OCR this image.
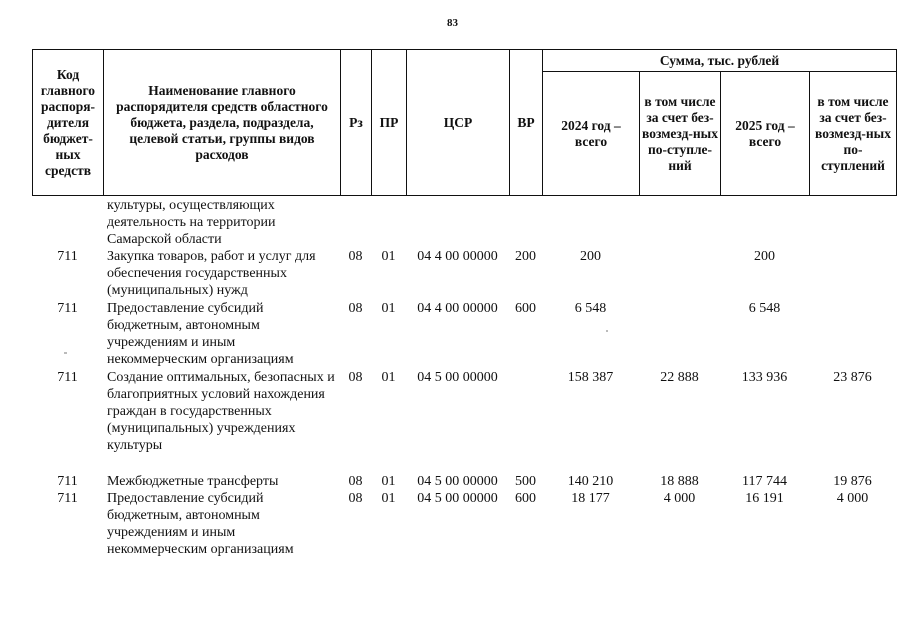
83
Код главного распоря-дителя бюджет-ных средств	Наименование главного распорядителя средств областного бюджета, раздела, подраздела, целевой статьи, группы видов расходов	Рз	ПР	ЦСР	ВР	Сумма, тыс. рублей			
						2024 год – всего	в том числе за счет без-возмезд-ных по-ступле-ний	2025 год – всего	в том числе за счет без-возмезд-ных по-ступлений
	культуры, осуществляющих деятельность на территории Самарской области								
711	Закупка товаров, работ и услуг для обеспечения государственных (муниципальных) нужд	08	01	04 4 00 00000	200	200		200	
711	Предоставление субсидий бюджетным, автономным учреждениям и иным некоммерческим организациям	08	01	04 4 00 00000	600	6 548		6 548	
711	Создание оптимальных, безопасных и благоприятных условий нахождения граждан в государственных (муниципальных) учреждениях культуры	08	01	04 5 00 00000		158 387	22 888	133 936	23 876
711	Межбюджетные трансферты	08	01	04 5 00 00000	500	140 210	18 888	117 744	19 876
711	Предоставление субсидий бюджетным, автономным учреждениям и иным некоммерческим организациям	08	01	04 5 00 00000	600	18 177	4 000	16 191	4 000
